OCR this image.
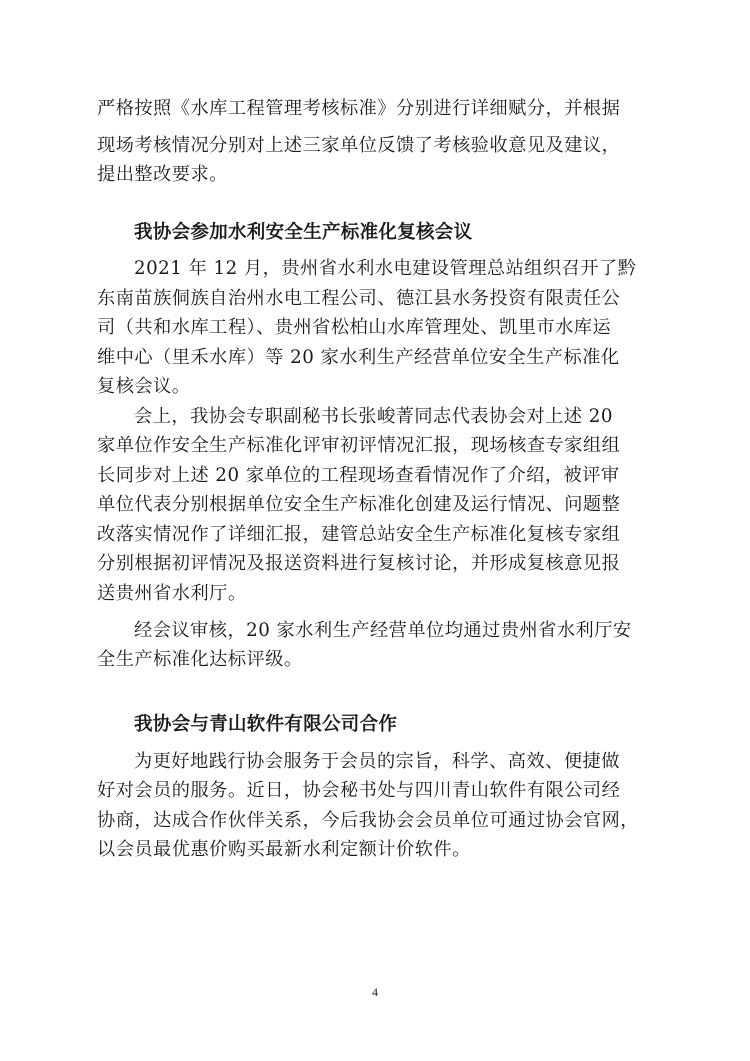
严格按照《水库工程管理考核标准》分别进行详细赋分，并根据
现场考核情况分别对上述三家单位反馈了考核验收意见及建议，
提出整改要求。
我协会参加水利安全生产标准化复核会议
2021 年 12 月，贵州省水利水电建设管理总站组织召开了黔
东南苗族侗族自治州水电工程公司、德江县水务投资有限责任公
司（共和水库工程）、贵州省松柏山水库管理处、凯里市水库运
维中心（里禾水库）等 20 家水利生产经营单位安全生产标准化
复核会议。
会上，我协会专职副秘书长张峻菁同志代表协会对上述 20
家单位作安全生产标准化评审初评情况汇报，现场核查专家组组
长同步对上述 20 家单位的工程现场查看情况作了介绍，被评审
单位代表分别根据单位安全生产标准化创建及运行情况、问题整
改落实情况作了详细汇报，建管总站安全生产标准化复核专家组
分别根据初评情况及报送资料进行复核讨论，并形成复核意见报
送贵州省水利厅。
经会议审核，20 家水利生产经营单位均通过贵州省水利厅安
全生产标准化达标评级。
我协会与青山软件有限公司合作
为更好地践行协会服务于会员的宗旨，科学、高效、便捷做
好对会员的服务。近日，协会秘书处与四川青山软件有限公司经
协商，达成合作伙伴关系，今后我协会会员单位可通过协会官网，
以会员最优惠价购买最新水利定额计价软件。
4
